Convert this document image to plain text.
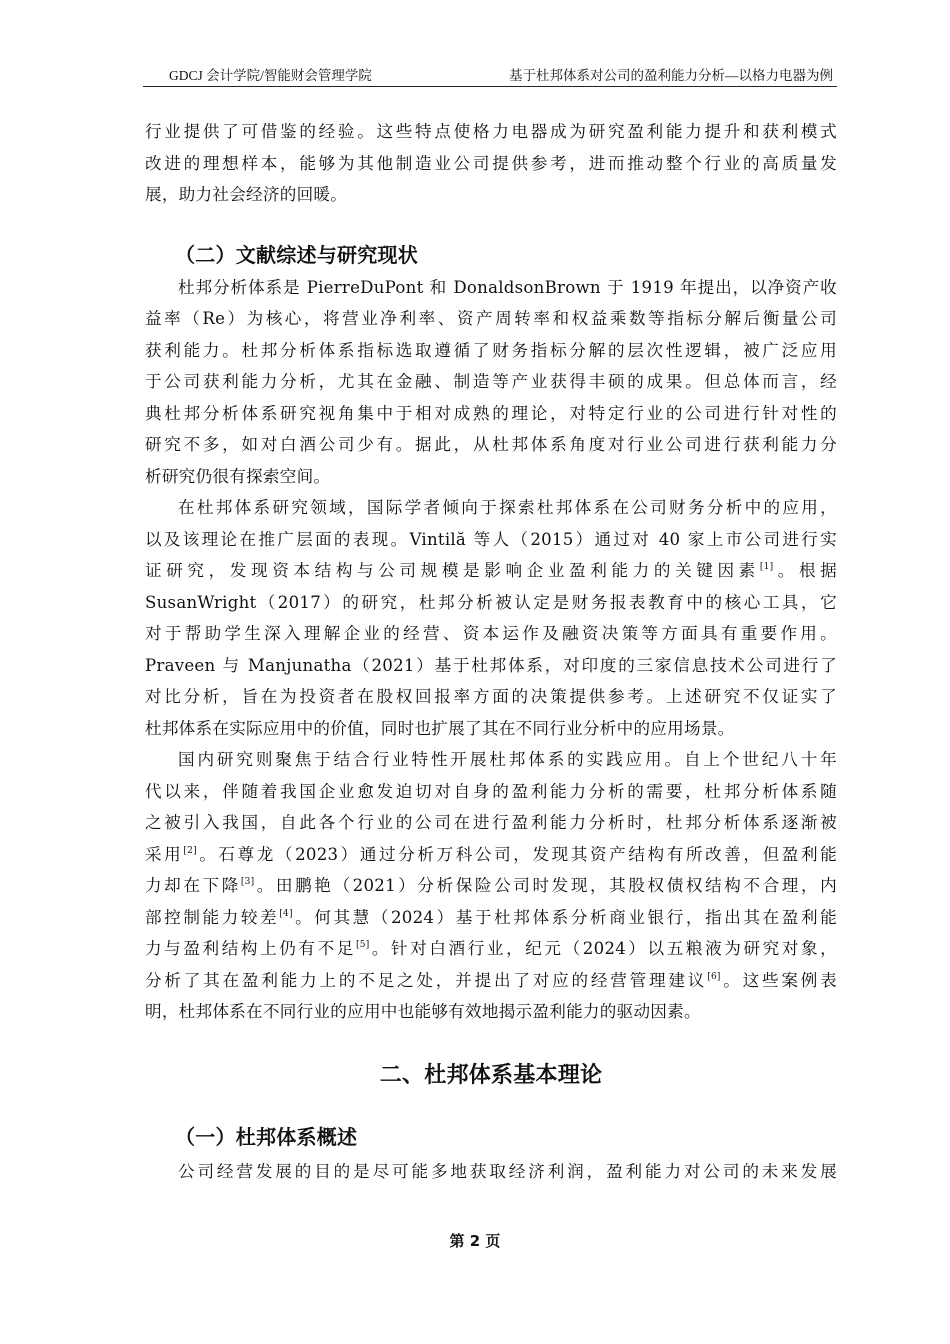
GDCJ 会计学院/智能财会管理学院	基于杜邦体系对公司的盈利能力分析—以格力电器为例
行业提供了可借鉴的经验。这些特点使格力电器成为研究盈利能力提升和获利模式
改进的理想样本，能够为其他制造业公司提供参考，进而推动整个行业的高质量发
展，助力社会经济的回暖。
（二）文献综述与研究现状
杜邦分析体系是 PierreDuPont 和 DonaldsonBrown 于 1919 年提出，以净资产收
益率（Re）为核心，将营业净利率、资产周转率和权益乘数等指标分解后衡量公司
获利能力。杜邦分析体系指标选取遵循了财务指标分解的层次性逻辑，被广泛应用
于公司获利能力分析，尤其在金融、制造等产业获得丰硕的成果。但总体而言，经
典杜邦分析体系研究视角集中于相对成熟的理论，对特定行业的公司进行针对性的
研究不多，如对白酒公司少有。据此，从杜邦体系角度对行业公司进行获利能力分
析研究仍很有探索空间。
在杜邦体系研究领域，国际学者倾向于探索杜邦体系在公司财务分析中的应用，
以及该理论在推广层面的表现。Vintilă 等人（2015）通过对 40 家上市公司进行实
证研究，发现资本结构与公司规模是影响企业盈利能力的关键因素[1]。根据
SusanWright（2017）的研究，杜邦分析被认定是财务报表教育中的核心工具，它
对于帮助学生深入理解企业的经营、资本运作及融资决策等方面具有重要作用。
Praveen 与 Manjunatha（2021）基于杜邦体系，对印度的三家信息技术公司进行了
对比分析，旨在为投资者在股权回报率方面的决策提供参考。上述研究不仅证实了
杜邦体系在实际应用中的价值，同时也扩展了其在不同行业分析中的应用场景。
国内研究则聚焦于结合行业特性开展杜邦体系的实践应用。自上个世纪八十年
代以来，伴随着我国企业愈发迫切对自身的盈利能力分析的需要，杜邦分析体系随
之被引入我国，自此各个行业的公司在进行盈利能力分析时，杜邦分析体系逐渐被
采用[2]。石尊龙（2023）通过分析万科公司，发现其资产结构有所改善，但盈利能
力却在下降[3]。田鹏艳（2021）分析保险公司时发现，其股权债权结构不合理，内
部控制能力较差[4]。何其慧（2024）基于杜邦体系分析商业银行，指出其在盈利能
力与盈利结构上仍有不足[5]。针对白酒行业，纪元（2024）以五粮液为研究对象，
分析了其在盈利能力上的不足之处，并提出了对应的经营管理建议[6]。这些案例表
明，杜邦体系在不同行业的应用中也能够有效地揭示盈利能力的驱动因素。
二、杜邦体系基本理论
（一）杜邦体系概述
公司经营发展的目的是尽可能多地获取经济利润，盈利能力对公司的未来发展
第 2 页
